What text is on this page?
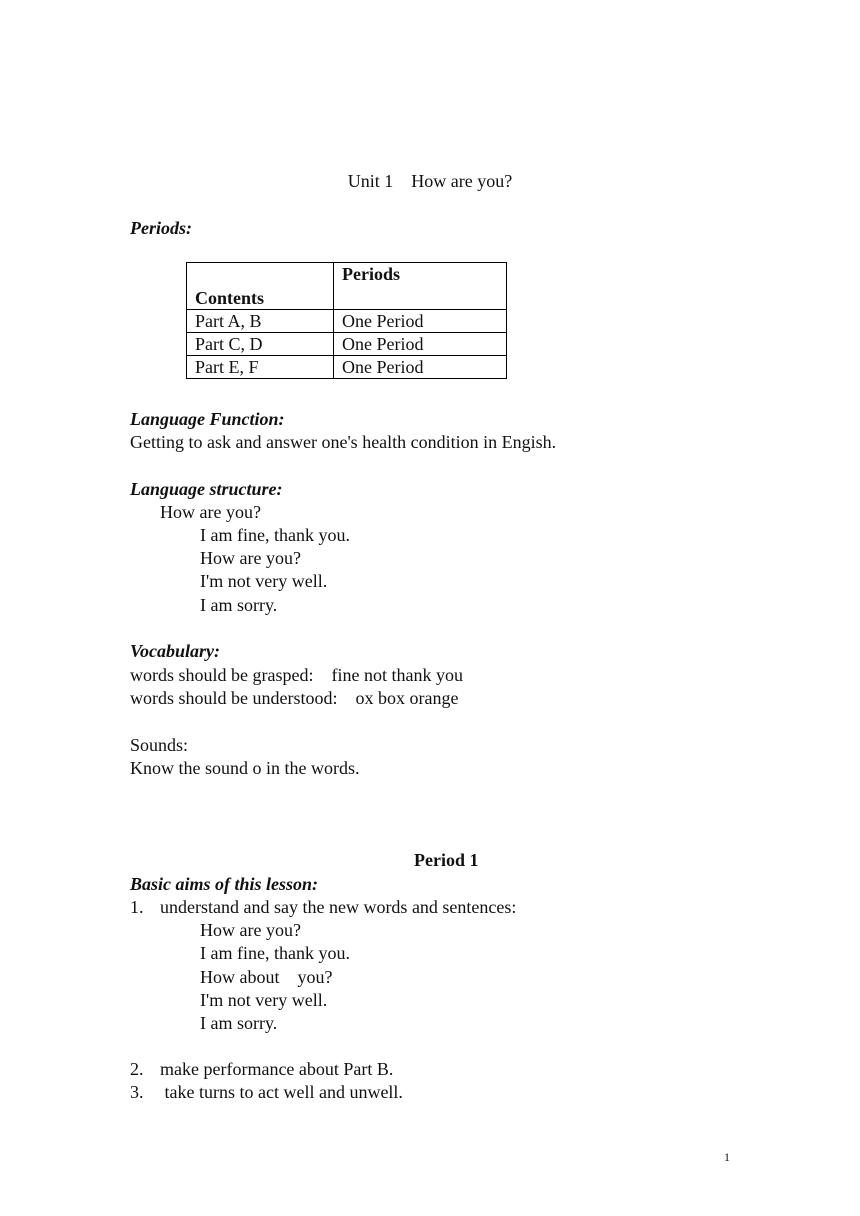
Unit 1    How are you?
Periods:
Contents	Periods
Part A, B	One Period
Part C, D	One Period
Part E, F	One Period
Language Function:
Getting to ask and answer one's health condition in Engish.
Language structure:
How are you?
I am fine, thank you.
How are you?
I'm not very well.
I am sorry.
Vocabulary:
words should be grasped:    fine not thank you
words should be understood:    ox box orange
Sounds:
Know the sound o in the words.
Period 1
Basic aims of this lesson:
1. understand and say the new words and sentences:
How are you?
I am fine, thank you.
How about    you?
I'm not very well.
I am sorry.
2. make performance about Part B.
3. take turns to act well and unwell.
1
